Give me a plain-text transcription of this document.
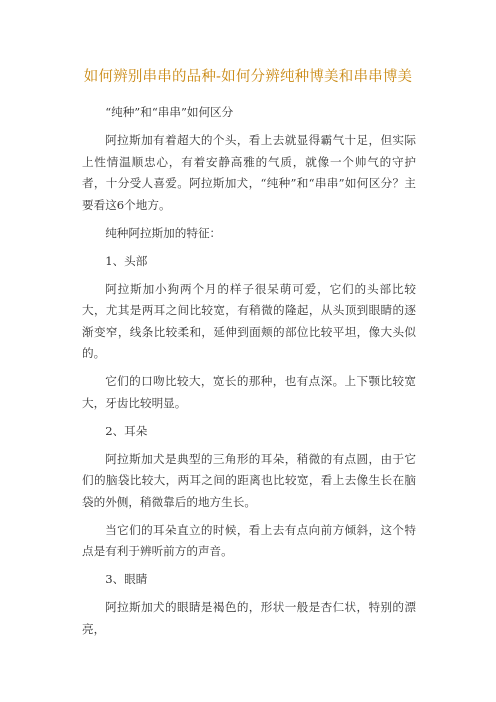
如何辨别串串的品种-如何分辨纯种博美和串串博美

“纯种”和“串串”如何区分

阿拉斯加有着超大的个头，看上去就显得霸气十足，但实际上性情温顺忠心，有着安静高雅的气质，就像一个帅气的守护者，十分受人喜爱。阿拉斯加犬，“纯种”和“串串”如何区分？主要看这6个地方。

纯种阿拉斯加的特征：

1、头部

阿拉斯加小狗两个月的样子很呆萌可爱，它们的头部比较大，尤其是两耳之间比较宽，有稍微的隆起，从头顶到眼睛的逐渐变窄，线条比较柔和，延伸到面颊的部位比较平坦，像大头似的。

它们的口吻比较大，宽长的那种，也有点深。上下颚比较宽大，牙齿比较明显。

2、耳朵

阿拉斯加犬是典型的三角形的耳朵，稍微的有点圆，由于它们的脑袋比较大，两耳之间的距离也比较宽，看上去像生长在脑袋的外侧，稍微靠后的地方生长。

当它们的耳朵直立的时候，看上去有点向前方倾斜，这个特点是有利于辨听前方的声音。

3、眼睛

阿拉斯加犬的眼睛是褐色的，形状一般是杏仁状，特别的漂亮，
